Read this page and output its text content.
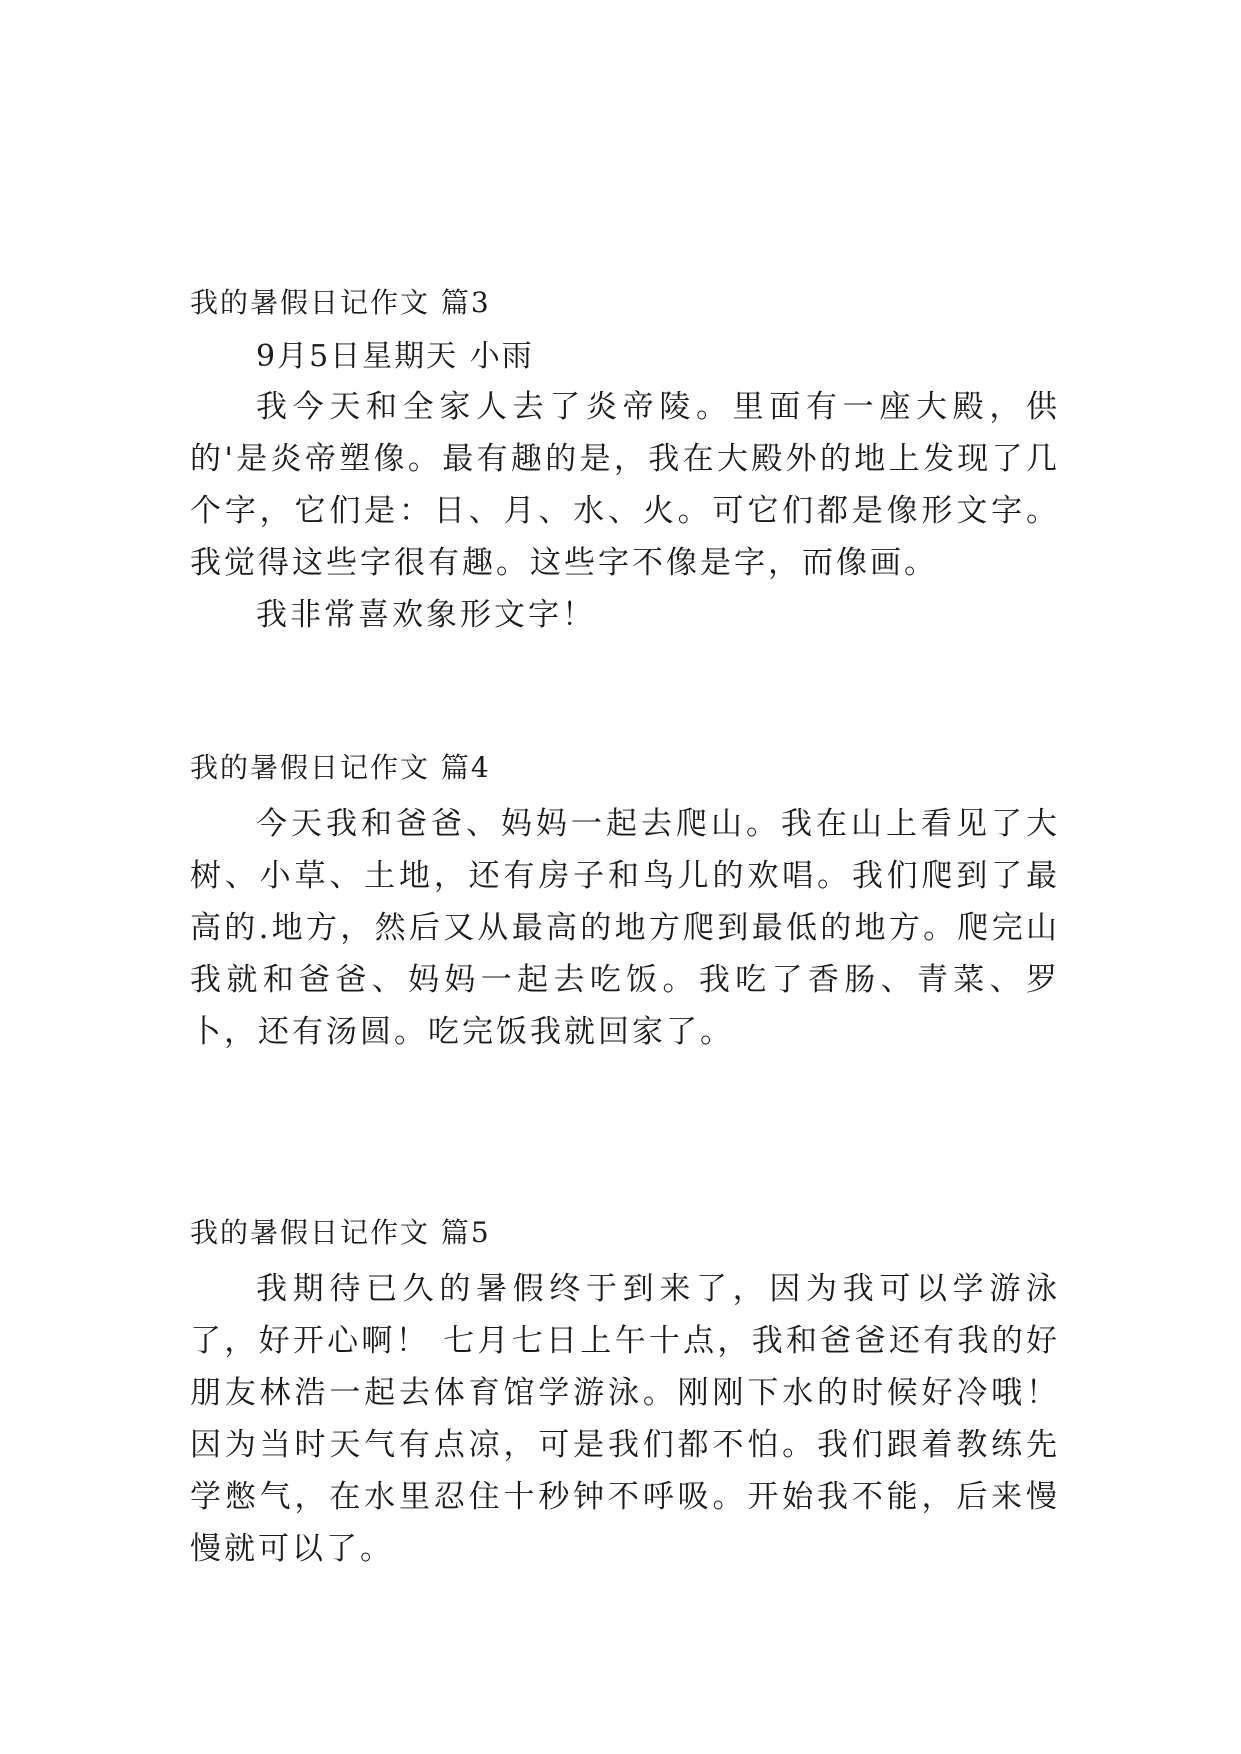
我的暑假日记作文 篇3

9月5日星期天 小雨

我今天和全家人去了炎帝陵。里面有一座大殿，供的'是炎帝塑像。最有趣的是，我在大殿外的地上发现了几个字，它们是：日、月、水、火。可它们都是像形文字。我觉得这些字很有趣。这些字不像是字，而像画。

我非常喜欢象形文字！

我的暑假日记作文 篇4

今天我和爸爸、妈妈一起去爬山。我在山上看见了大树、小草、土地，还有房子和鸟儿的欢唱。我们爬到了最高的.地方，然后又从最高的地方爬到最低的地方。爬完山我就和爸爸、妈妈一起去吃饭。我吃了香肠、青菜、罗卜，还有汤圆。吃完饭我就回家了。

我的暑假日记作文 篇5

我期待已久的暑假终于到来了，因为我可以学游泳了，好开心啊！ 七月七日上午十点，我和爸爸还有我的好朋友林浩一起去体育馆学游泳。刚刚下水的时候好冷哦！因为当时天气有点凉，可是我们都不怕。我们跟着教练先学憋气，在水里忍住十秒钟不呼吸。开始我不能，后来慢慢就可以了。
